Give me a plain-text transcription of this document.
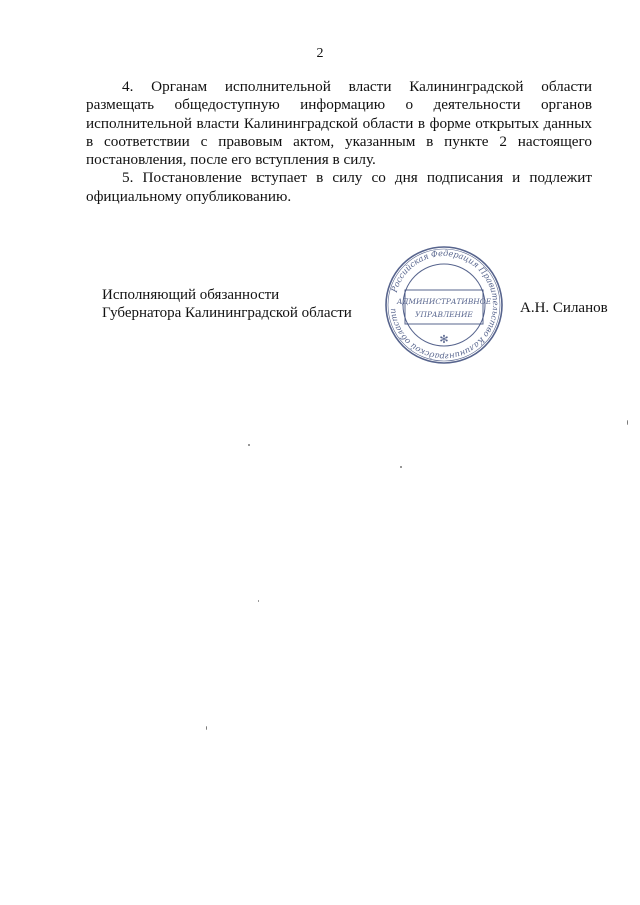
2

4. Органам исполнительной власти Калининградской области размещать общедоступную информацию о деятельности органов исполнительной власти Калининградской области в форме открытых данных в соответствии с правовым актом, указанным в пункте 2 настоящего постановления, после его вступления в силу.

5. Постановление вступает в силу со дня подписания и подлежит официальному опубликованию.

Исполняющий обязанности
Губернатора Калининградской области
Российская Федерация Правительство Калининградской области
АДМИНИСТРАТИВНОЕ
УПРАВЛЕНИЕ
✻
А.Н. Силанов
